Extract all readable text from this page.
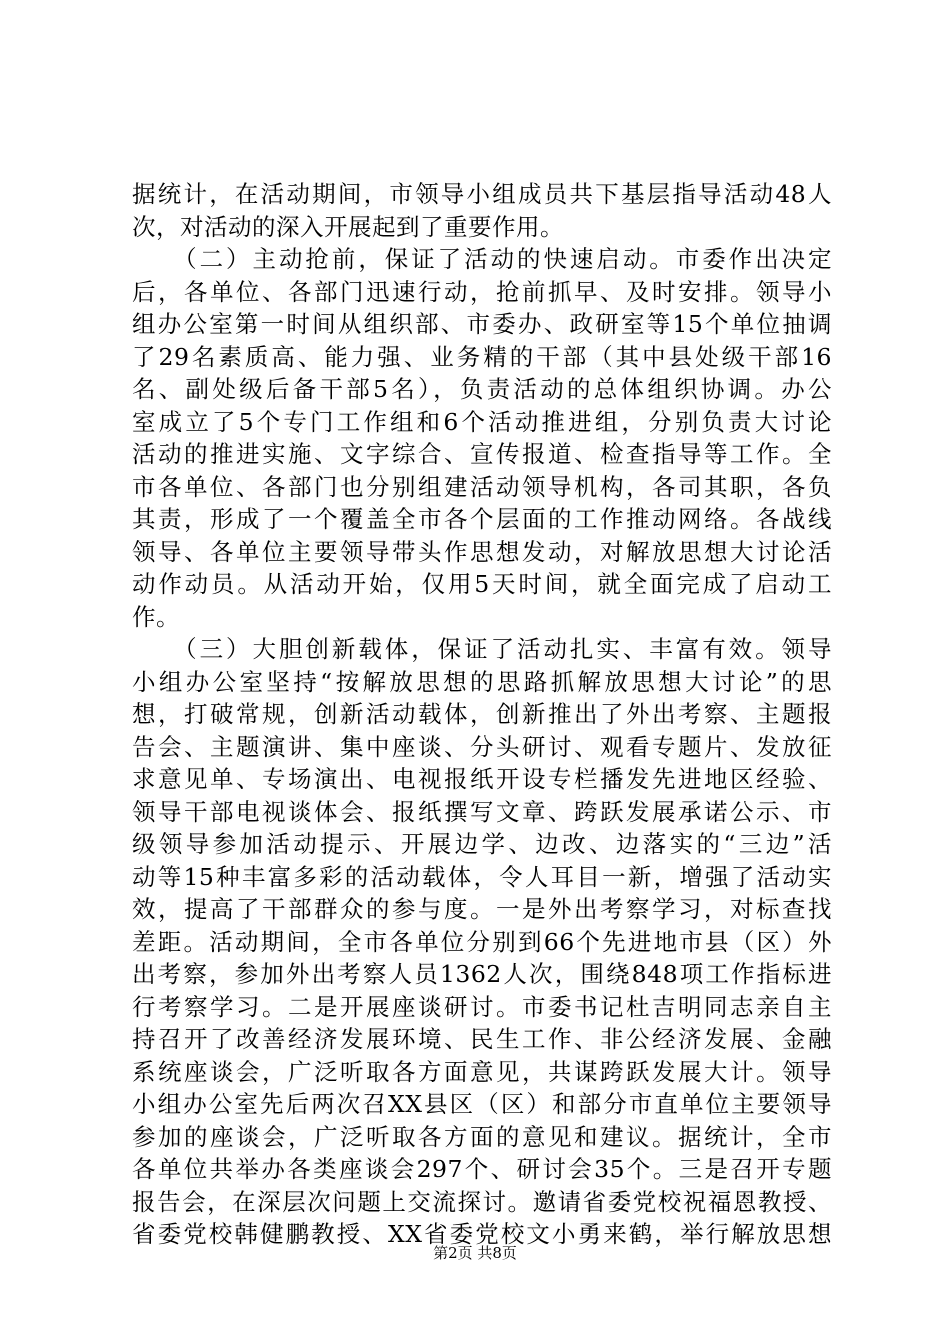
据统计，在活动期间，市领导小组成员共下基层指导活动48人
次，对活动的深入开展起到了重要作用。
　　（二）主动抢前，保证了活动的快速启动。市委作出决定
后，各单位、各部门迅速行动，抢前抓早、及时安排。领导小
组办公室第一时间从组织部、市委办、政研室等15个单位抽调
了29名素质高、能力强、业务精的干部（其中县处级干部16
名、副处级后备干部5名），负责活动的总体组织协调。办公
室成立了5个专门工作组和6个活动推进组，分别负责大讨论
活动的推进实施、文字综合、宣传报道、检查指导等工作。全
市各单位、各部门也分别组建活动领导机构，各司其职，各负
其责，形成了一个覆盖全市各个层面的工作推动网络。各战线
领导、各单位主要领导带头作思想发动，对解放思想大讨论活
动作动员。从活动开始，仅用5天时间，就全面完成了启动工
作。
　　（三）大胆创新载体，保证了活动扎实、丰富有效。领导
小组办公室坚持“按解放思想的思路抓解放思想大讨论”的思
想，打破常规，创新活动载体，创新推出了外出考察、主题报
告会、主题演讲、集中座谈、分头研讨、观看专题片、发放征
求意见单、专场演出、电视报纸开设专栏播发先进地区经验、
领导干部电视谈体会、报纸撰写文章、跨跃发展承诺公示、市
级领导参加活动提示、开展边学、边改、边落实的“三边”活
动等15种丰富多彩的活动载体，令人耳目一新，增强了活动实
效，提高了干部群众的参与度。一是外出考察学习，对标查找
差距。活动期间，全市各单位分别到66个先进地市县（区）外
出考察，参加外出考察人员1362人次，围绕848项工作指标进
行考察学习。二是开展座谈研讨。市委书记杜吉明同志亲自主
持召开了改善经济发展环境、民生工作、非公经济发展、金融
系统座谈会，广泛听取各方面意见，共谋跨跃发展大计。领导
小组办公室先后两次召XX县区（区）和部分市直单位主要领导
参加的座谈会，广泛听取各方面的意见和建议。据统计，全市
各单位共举办各类座谈会297个、研讨会35个。三是召开专题
报告会，在深层次问题上交流探讨。邀请省委党校祝福恩教授、
省委党校韩健鹏教授、XX省委党校文小勇来鹤，举行解放思想
第2页 共8页
